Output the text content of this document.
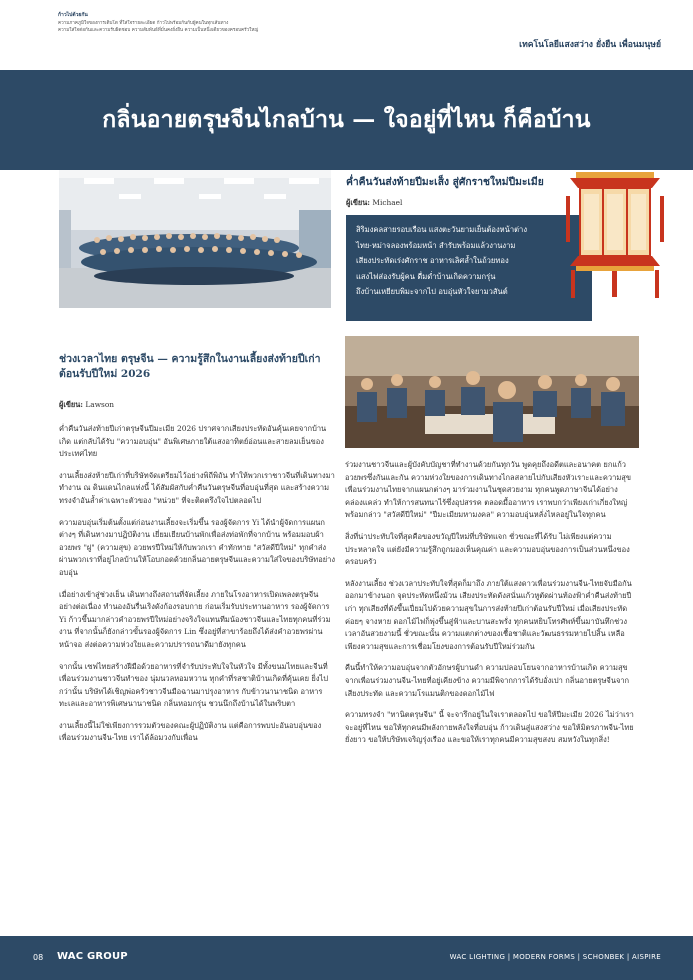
ก้าวไปด้วยกัน
ความภาคภูมิใจของการเติบโต ที่ใส่ใจรายละเอียด ก้าวไปพร้อมกันกับผู้คนในทุกเส้นทาง
ความใส่ใจต่อกันและความรับผิดชอบ ความสัมพันธ์ที่มั่นคงยั่งยืน ความเป็นหนึ่งเดียวของครอบครัวใหญ่
เทคโนโลยีแสงสว่าง ยั่งยืน เพื่อนมนุษย์
กลิ่นอายตรุษจีนไกลบ้าน — ใจอยู่ที่ไหน ก็คือบ้าน
ค่ำคืนวันส่งท้ายปีมะเส็ง สู่ศักราชใหม่ปีมะเมีย
ผู้เขียน: Michael
สิริมงคลสายรอบเรือน แสงตะวันยามเย็นต้องหน้าต่าง
ไทย-หม่าจลองพร้อมหน้า สำรับพร้อมแล้วงานงาม
เสียงประทัดเร่งศักราช อาหารเลิศล้ำในถ้วยทอง
แสงไฟส่องรับผู้คน ดื่มด่ำบ้านเกิดความกรุ่น
ถึงบ้านเหยียบพิมะจากไป อบอุ่นหัวใจยามวสันต์
ช่วงเวลาไทย ตรุษจีน — ความรู้สึกในงานเลี้ยงส่งท้ายปีเก่าต้อนรับปีใหม่ 2026
ผู้เขียน: Lawson

ค่ำคืนวันส่งท้ายปีเก่าตรุษจีนปีมะเมีย 2026 ปราศจากเสียงประทัดอันคุ้นเคยจากบ้านเกิด แต่กลับได้รับ "ความอบอุ่น" อันพิเศษภายใต้แสงอาทิตย์อ่อนและสายลมเย็นของประเทศไทย

งานเลี้ยงส่งท้ายปีเก่าที่บริษัทจัดเตรียมไว้อย่างพิถีพิถัน ทำให้พวกเราชาวจีนที่เดินทางมาทำงาน ณ ดินแดนไกลแห่งนี้ ได้สัมผัสกับค่ำคืนวันตรุษจีนที่อบอุ่นที่สุด และสร้างความทรงจำอันล้ำค่าเฉพาะตัวของ "หน่วย" ที่จะติดตรึงใจไปตลอดไป

ความอบอุ่นเริ่มต้นตั้งแต่ก่อนงานเลี้ยงจะเริ่มขึ้น รองผู้จัดการ Yi ได้นำผู้จัดการแผนกต่างๆ ที่เดินทางมาปฏิบัติงาน เยี่ยมเยียนบ้านพักเพื่อส่งท่อพักที่จากบ้าน พร้อมมอบผ้าอวยพร "ฝู" (ความสุข) อวยพรปีใหม่ให้กับพวกเรา คำทักทาย "สวัสดีปีใหม่" ทุกคำส่งผ่านพวกเราที่อยู่ไกลบ้านให้โอบกอดด้วยกลิ่นอายตรุษจีนและความใส่ใจของบริษัทอย่างอบอุ่น

เมื่อย่างเข้าสู่ช่วงเย็น เดินทางถึงสถานที่จัดเลี้ยง ภายในโรงอาหารเปิดเพลงตรุษจีนอย่างต่อเนื่อง ทำนองอันรื่นเริงดังก้องรอบกาย ก่อนเริ่มรับประทานอาหาร รองผู้จัดการ Yi ก้าวขึ้นมากล่าวคำอวยพรปีใหม่อย่างจริงใจแทนทีมน้องชาวจีนและไทยทุกคนที่ร่วมงาน ที่จากนั้นก็ยังกล่าวขั้นรองผู้จัดการ Lin ซึ่งอยู่ที่สาขาร้อยถึงได้ส่งคำอวยพรผ่านหน้าจอ ส่งต่อความห่วงใยและความปรารถนาดีมายังทุกคน

จากนั้น เซฟไทยสร้างฝีมือด้วยอาหารที่จำรับประทับใจในหัวใจ มีทั้งขนมไทยและจีนที่เพื่อนร่วมงานชาวจีนทำของ นุ่มนวลหอมหวาน ทุกคำที่รสชาติบ้านเกิดที่คุ้นเคย ยิ่งไปกว่านั้น บริษัทได้เชิญพ่อครัวชาวจีนมือฉานมาปรุงอาหาร กับข้าวนานาชนิด อาหารทะเลและอาหารพิเศษนานาชนิด กลิ่นหอมกรุ่น ชวนนึกถึงบ้านได้ในพริบตา

งานเลี้ยงนี้ไม่ใช่เพียงการรวมตัวของคณะผู้ปฏิบัติงาน แต่คือการพบปะอันอบอุ่นของเพื่อนร่วมงานจีน-ไทย เราได้ล้อมวงกับเพื่อน

ร่วมงานชาวจีนและผู้บังคับบัญชาที่ทำงานด้วยกันทุกวัน พูดคุยถึงอดีตและอนาคต ยกแก้วอวยพรซึ่งกันและกัน ความห่วงใยของการเดินทางไกลสลายไปกับเสียงหัวเราะและความสุข เพื่อนร่วมงานไทยจากแผนกต่างๆ มาร่วมงานในชุดสวยงาม ทุกคนพูดภาษาจีนได้อย่างคล่องแคล่ว ทำให้การสนทนาไร้ซึ่งอุปสรรค ตลอดมื้ออาหาร เราพบกว่าเพียงเก่าเกี่ยงใหญ่ พร้อมกล่าว "สวัสดีปีใหม่" "ปีมะเมียมหามงคล" ความอบอุ่นหลั่งไหลอยู่ในใจทุกคน

สิ่งที่น่าประทับใจที่สุดคือของขวัญปีใหม่ที่บริษัทแจก ชั่วขณะที่ได้รับ ไม่เพียงแต่ความประหลาดใจ แต่ยังมีความรู้สึกถูกมองเห็นคุณค่า และความอบอุ่นของการเป็นส่วนหนึ่งของครอบครัว

หลังงานเลี้ยง ช่วงเวลาประทับใจที่สุดก็มาถึง ภายใต้แสงดาวเพื่อนร่วมงานจีน-ไทยจับมือกันออกมาข้างนอก จุดประทัดหนึ่งม้วน เสียงประทัดดังสนั่นแก้วหูตัดผ่านท้องฟ้าค่ำคืนส่งท้ายปีเก่า ทุกเสียงที่ดังขึ้นเปี่ยมไปด้วยความสุขในการส่งท้ายปีเก่าต้อนรับปีใหม่ เมื่อเสียงประทัดค่อยๆ จางหาย ดอกไม้ไฟก็พุ่งขึ้นสู่ฟ้าและบานสะพรั่ง ทุกคนหยิบโทรศัพท์ขึ้นมาบันทึกช่วงเวลาอันสวยงามนี้ ชั่วขณะนั้น ความแตกต่างของเชื้อชาติและวัฒนธรรมหายไปสิ้น เหลือเพียงความสุขและการเชื่อมโยงของการต้อนรับปีใหม่ร่วมกัน

คืนนี้ทำให้ความอบอุ่นจากตัวอักษรผู้บานดำ ความปลอบโยนจากอาหารบ้านเกิด ความสุขจากเพื่อนร่วมงานจีน-ไทยที่อยู่เคียงข้าง ความมีพิจากการได้รับอั่งเปา กลิ่นอายตรุษจีนจากเสียงประทัด และความโรแมนติกของดอกไม้ไฟ

ความทรงจำ "ทานิตตรุษจีน" นี้ จะจารึกอยู่ในใจเราตลอดไป ขอให้ปีมะเมีย 2026 ไม่ว่าเราจะอยู่ที่ไหน ขอให้ทุกคนมีพลังกายพลังใจที่อบอุ่น ก้าวเดินสู่แสงสว่าง ขอให้มิตรภาพจีน-ไทยยั่งยาว ขอให้บริษัทเจริญรุ่งเรือง และขอให้เราทุกคนมีความสุขสงบ สมหวังในทุกสิ่ง!

08 WAC GROUP	WAC LIGHTING | MODERN FORMS | SCHONBEK | AISPIRE
